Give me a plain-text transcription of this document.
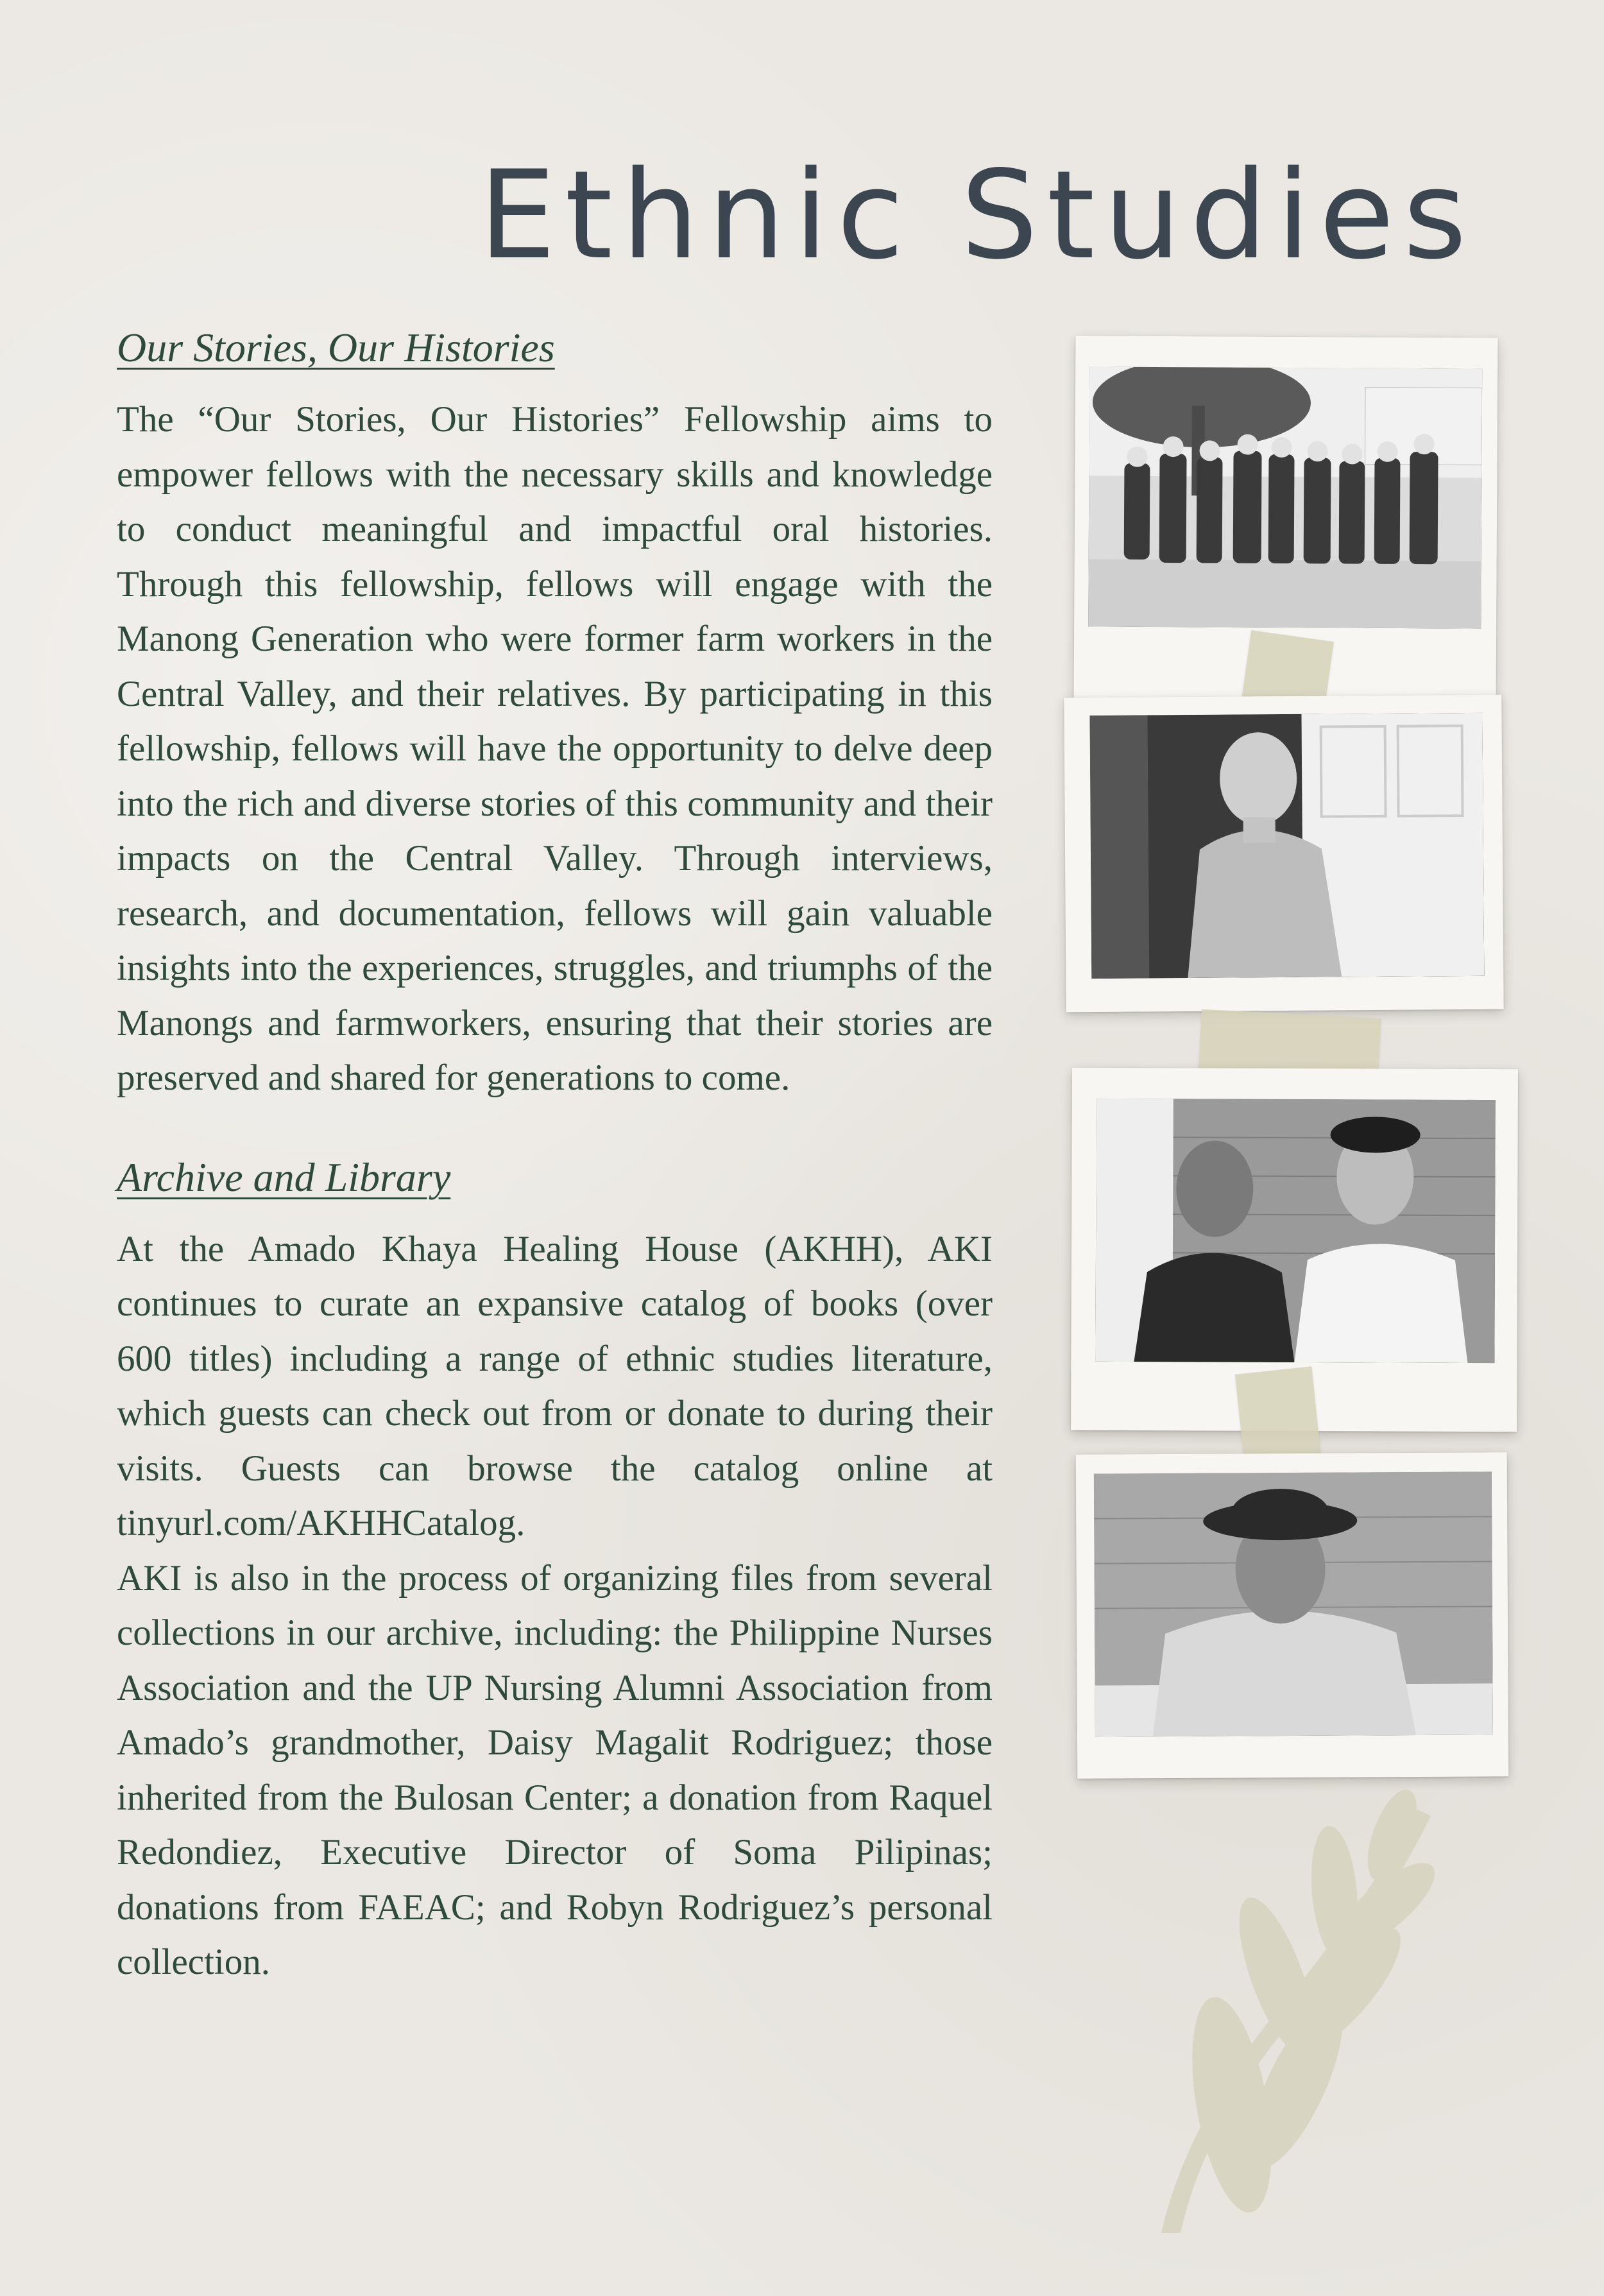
Ethnic Studies
Our Stories, Our Histories

The “Our Stories, Our Histories” Fellowship aims to empower fellows with the necessary skills and knowledge to conduct meaningful and impactful oral histories. Through this fellowship, fellows will engage with the Manong Generation who were former farm workers in the Central Valley, and their relatives. By participating in this fellowship, fellows will have the opportunity to delve deep into the rich and diverse stories of this community and their impacts on the Central Valley. Through interviews, research, and documentation, fellows will gain valuable insights into the experiences, struggles, and triumphs of the Manongs and farmworkers, ensuring that their stories are preserved and shared for generations to come.

Archive and Library

At the Amado Khaya Healing House (AKHH), AKI continues to curate an expansive catalog of books (over 600 titles) including a range of ethnic studies literature, which guests can check out from or donate to during their visits. Guests can browse the catalog online at tinyurl.com/AKHHCatalog.

AKI is also in the process of organizing files from several collections in our archive, including: the Philippine Nurses Association and the UP Nursing Alumni Association from Amado’s grandmother, Daisy Magalit Rodriguez; those inherited from the Bulosan Center; a donation from Raquel Redondiez, Executive Director of Soma Pilipinas; donations from FAEAC; and Robyn Rodriguez’s personal collection.
